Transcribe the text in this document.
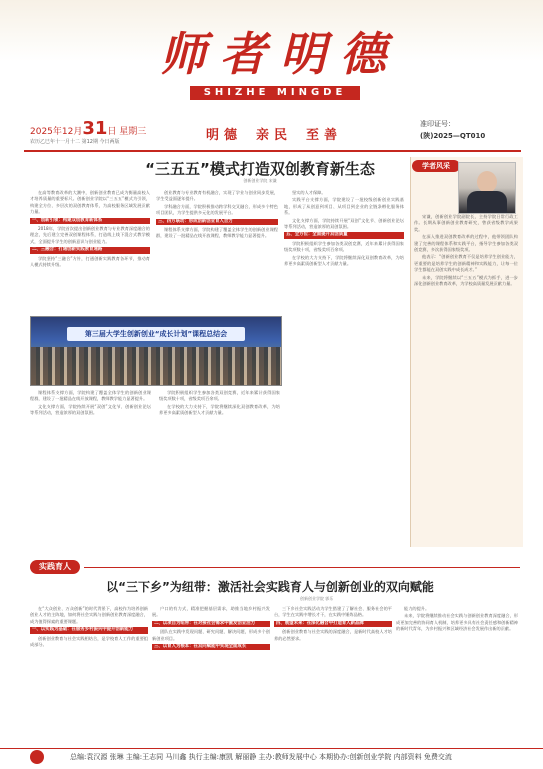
师者明德
SHIZHE MINGDE
2025年12月31日 星期三
农历乙巳年十一月十二 第12期 今日两版	明德 亲民 至善
准印证号：
(陕)2025—QT010
“三五五”模式打造双创教育新生态
创新创业学院 宋谦

在高等教育改革的大潮中，创新创业教育已成为衡量高校人才培养质量的重要标尺。创新创业学院以“三五五”模式为引领，构建全方位、多层次的双创教育体系，为高校服务区域发展贡献力量。

一、创新引领：构建双创教育新体系

2018年，学院首次提出创新创业教育与专业教育深度融合的理念，先后建立完善双创课程体系，打造线上线下混合式教学模式，全面提升学生的创新意识与创业能力。

二、三融合：打通创新实践教育通路

学院坚持“三融合”方针，打通创新实践教育各环节，推动育人模式持续升级。

创业教育与专业教育有机融合，实现了学业与创业同步发展，学生受益面逐年提升。

学科融合方面，学院积极推动跨学科交叉融合，形成多个特色项目团队，为学生提供多元化的发展平台。

三、四方联动：形成创新创业育人合力

课程体系支撑方面，学院构建了覆盖全体学生的创新创业课程群，建设了一批精品在线开放课程，教师教学能力显著提升。

坚实的人才保障。

实践平台支撑方面，学院建设了一批校级创新创业实践基地，形成了从创意到项目、从项目到企业的全链条孵化服务体系。

文化支撑方面，学院持续开展“双创”文化节、创新创业论坛等系列活动，营造浓厚的双创氛围。

五、全方位：全面提升双创质量

学院积极组织学生参加各类双创竞赛，近年来累计获得国家级奖项数十项，省级奖项百余项。

在学校的大力支持下，学院将继续深化双创教育改革，为培养更多高素质创新型人才贡献力量。

第三届大学生创新创业“成长计划”课程总结会

课程体系支撑方面，学院构建了覆盖全体学生的创新创业课程群，建设了一批精品在线开放课程，教师教学能力显著提升。

文化支撑方面，学院持续开展“双创”文化节、创新创业论坛等系列活动，营造浓厚的双创氛围。

学院积极组织学生参加各类双创竞赛，近年来累计获得国家级奖项数十项，省级奖项百余项。

在学校的大力支持下，学院将继续深化双创教育改革，为培养更多高素质创新型人才贡献力量。

学者风采

宋谦，创新创业学院副院长，主持学院日常行政工作。长期从事创新创业教育研究，曾获省级教学成果奖。

在深入推进双创教育改革的过程中，他带领团队构建了完善的课程体系和实践平台，指导学生参加各类双创竞赛，多次获得国家级奖项。

他表示：“创新创业教育不仅是培养学生创业能力，更重要的是培养学生的创新精神和实践能力，让每一位学生都能在双创实践中成长成才。”

未来，学院将继续以“三五五”模式为抓手，进一步深化创新创业教育改革，为学校高质量发展贡献力量。

实践育人
以“三下乡”为纽带：激活社会实践育人与创新创业的双向赋能
创新创业学院 郭乐

在“大众创业、万众创新”的时代背景下，高校作为培养创新创业人才的主阵地，如何将社会实践与创新创业教育深度融合，成为值得探索的重要课题。

一、以实践为基础：在服务乡村振兴中提升创新能力

创新创业教育与社会实践相结合，是学校育人工作的重要组成部分。

户口的有力式，精准把握基层需求，助推当地乡村振兴发展。

二、以项目为纽带：在对接社会需求中激发创业活力

团队在实践中发现问题、研究问题、解决问题，形成多个创新创业项目。

三、以育人为根本：在双向赋能中实现全面成长

三下乡社会实践活动为学生搭建了了解社会、服务社会的平台，学生在实践中增长才干，在实践中锤炼品格。

四、展望未来：在深化融合中打造育人新品牌

创新创业教育与社会实践的深度融合，是新时代高校人才培养的必然要求。

能力的提升。

未来，学院将继续推动社会实践与创新创业教育深度融合，形成更加完善的协同育人机制，培养更多具有社会责任感和创新精神的新时代青年，为乡村振兴和区域经济社会发展作出新的贡献。

总编:袁汉源 张琳 主编:王志同 马川鑫 执行主编:康凯 解丽静 主办:教师发展中心 本期协办:创新创业学院 内部资料 免费交流
